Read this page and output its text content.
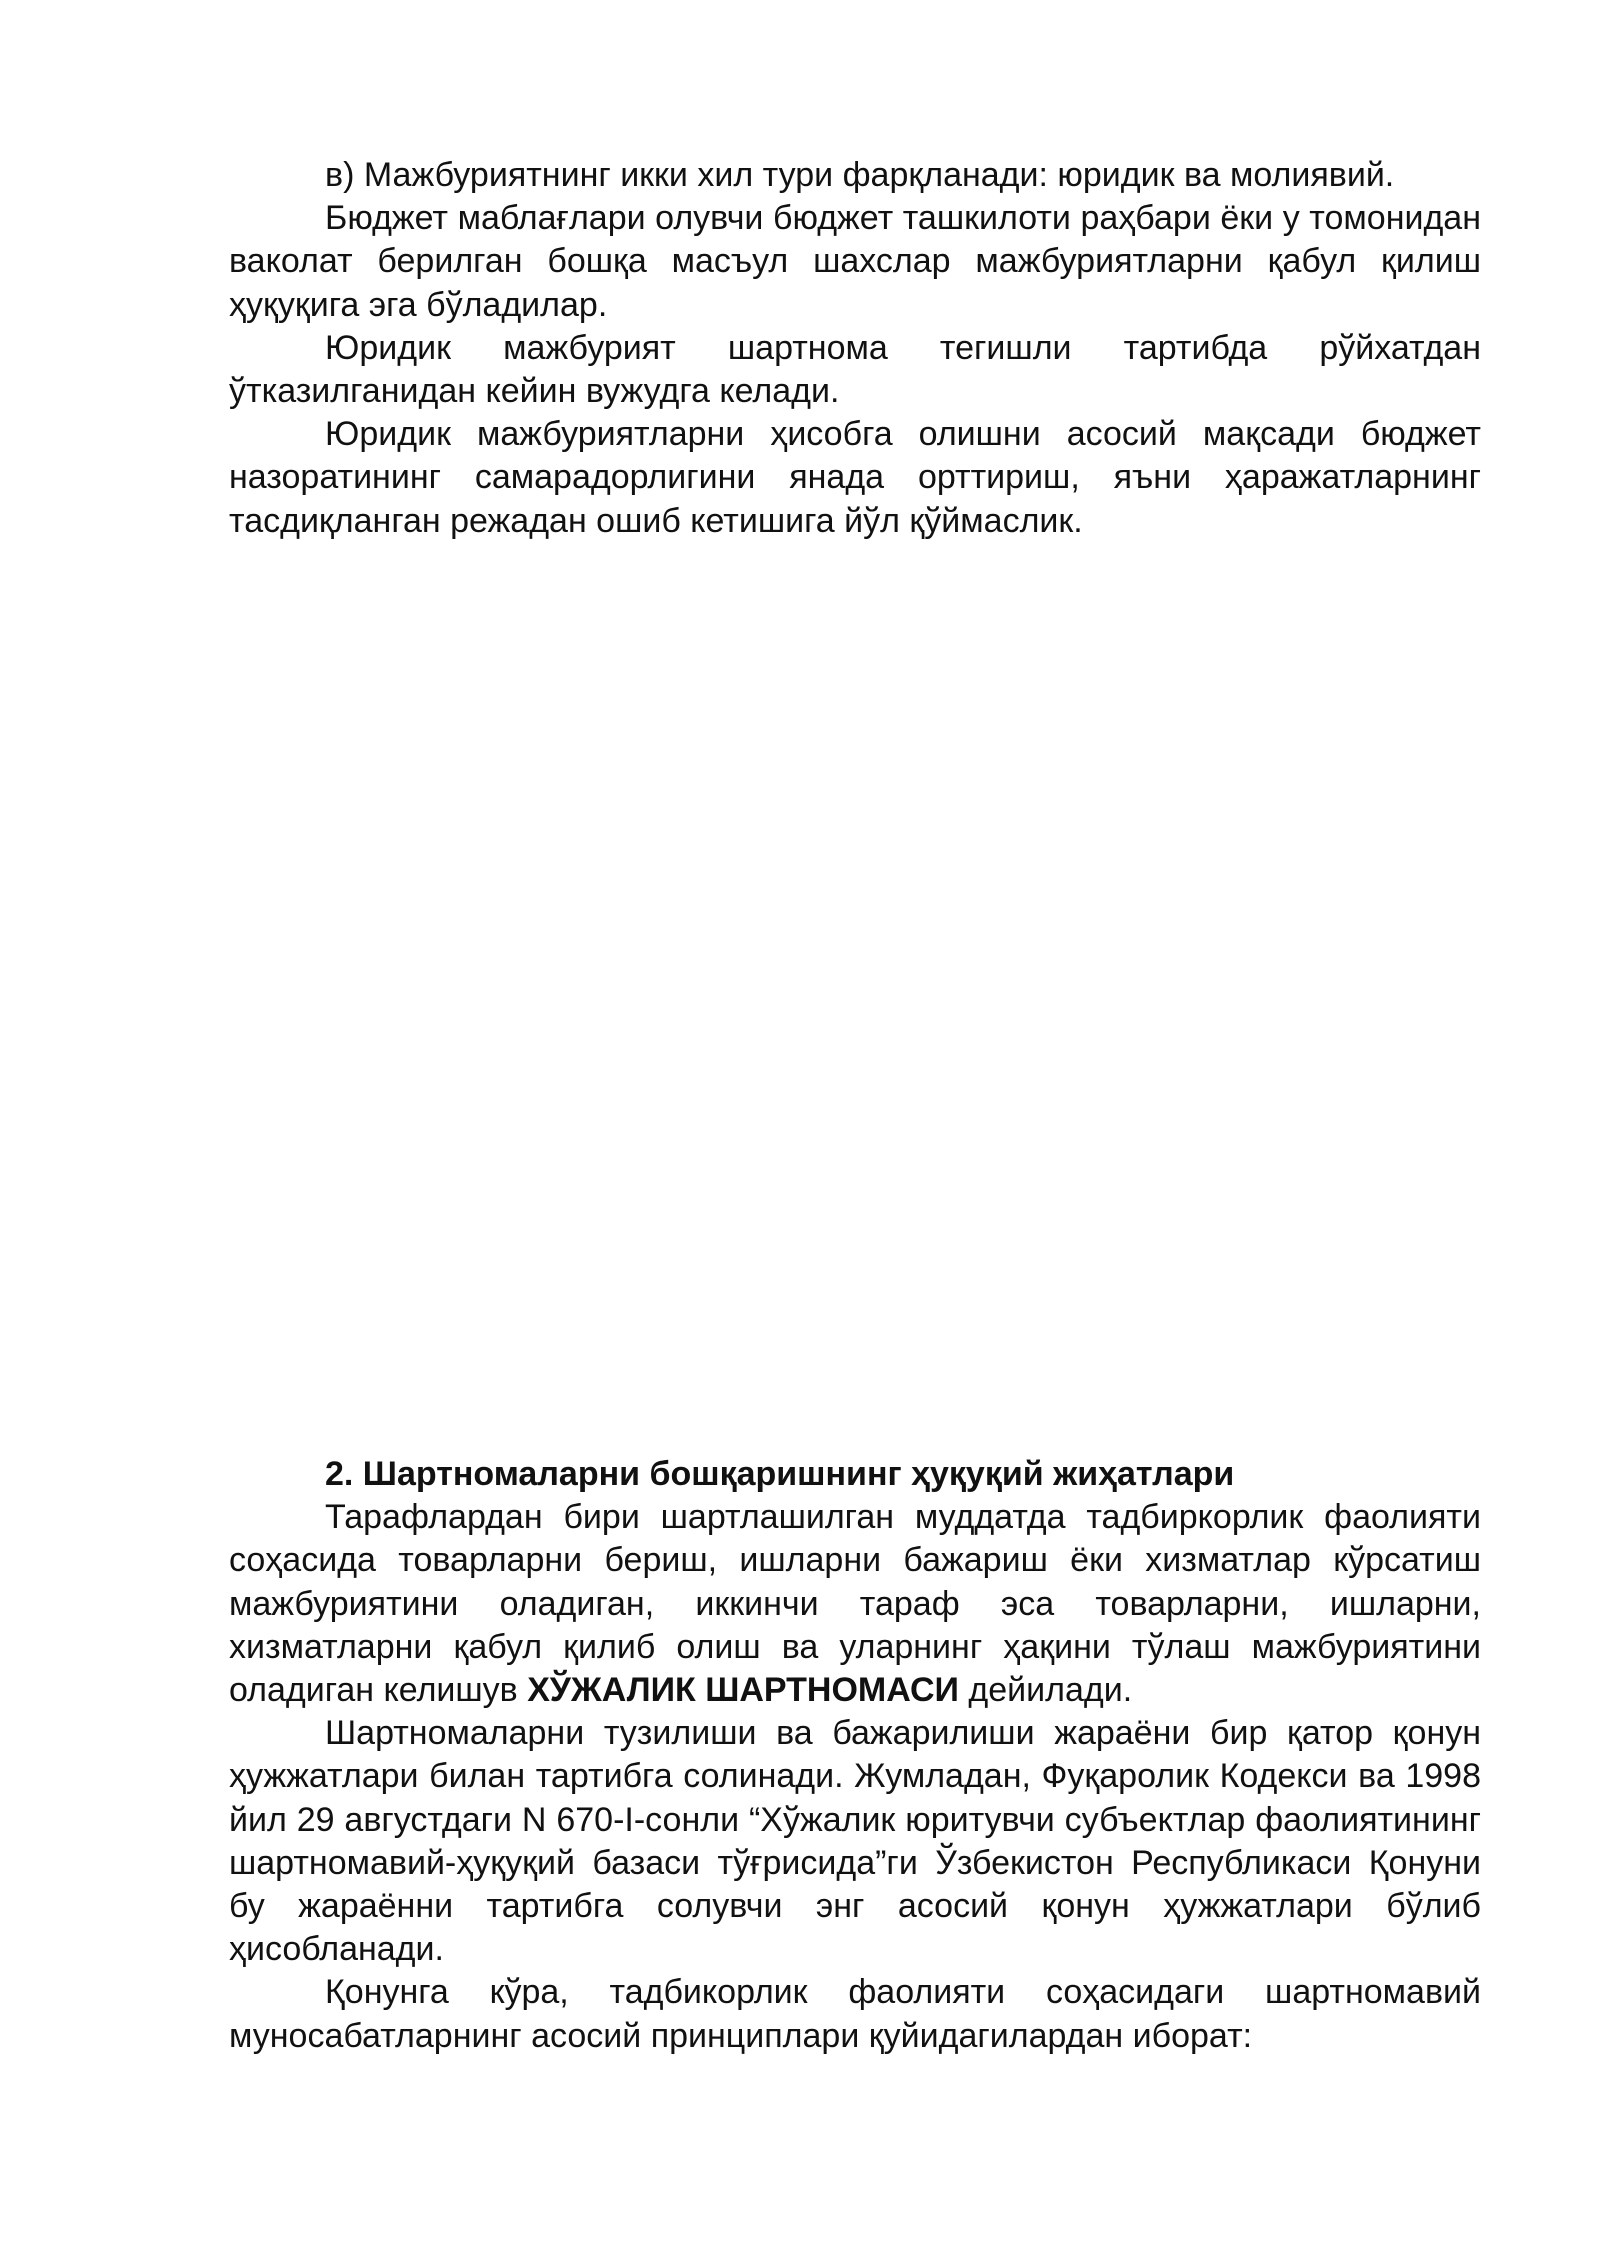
в) Мажбуриятнинг икки хил тури фарқланади: юридик ва молиявий.

Бюджет маблағлари олувчи бюджет ташкилоти раҳбари ёки у томонидан ваколат берилган бошқа масъул шахслар мажбуриятларни қабул қилиш ҳуқуқига эга бўладилар.

Юридик мажбурият шартнома тегишли тартибда рўйхатдан ўтказилганидан кейин вужудга келади.

Юридик мажбуриятларни ҳисобга олишни асосий мақсади бюджет назоратининг самарадорлигини янада орттириш, яъни ҳаражатларнинг тасдиқланган режадан ошиб кетишига йўл қўймаслик.

2. Шартномаларни бошқаришнинг ҳуқуқий жиҳатлари

Тарафлардан бири шартлашилган муддатда тадбиркорлик фаолияти соҳасида товарларни бериш, ишларни бажариш ёки хизматлар кўрсатиш мажбуриятини оладиган, иккинчи тараф эса товарларни, ишларни, хизматларни қабул қилиб олиш ва уларнинг ҳақини тўлаш мажбуриятини оладиган келишув ХЎЖАЛИК ШАРТНОМАСИ дейилади.

Шартномаларни тузилиши ва бажарилиши жараёни бир қатор қонун ҳужжатлари билан тартибга солинади. Жумладан, Фуқаролик Кодекси ва 1998 йил 29 августдаги N 670-I-сонли “Хўжалик юритувчи субъектлар фаолиятининг шартномавий-ҳуқуқий базаси тўғрисида”ги Ўзбекистон Республикаси Қонуни бу жараённи тартибга солувчи энг асосий қонун ҳужжатлари бўлиб ҳисобланади.

Қонунга кўра, тадбикорлик фаолияти соҳасидаги шартномавий муносабатларнинг асосий принциплари қуйидагилардан иборат:
